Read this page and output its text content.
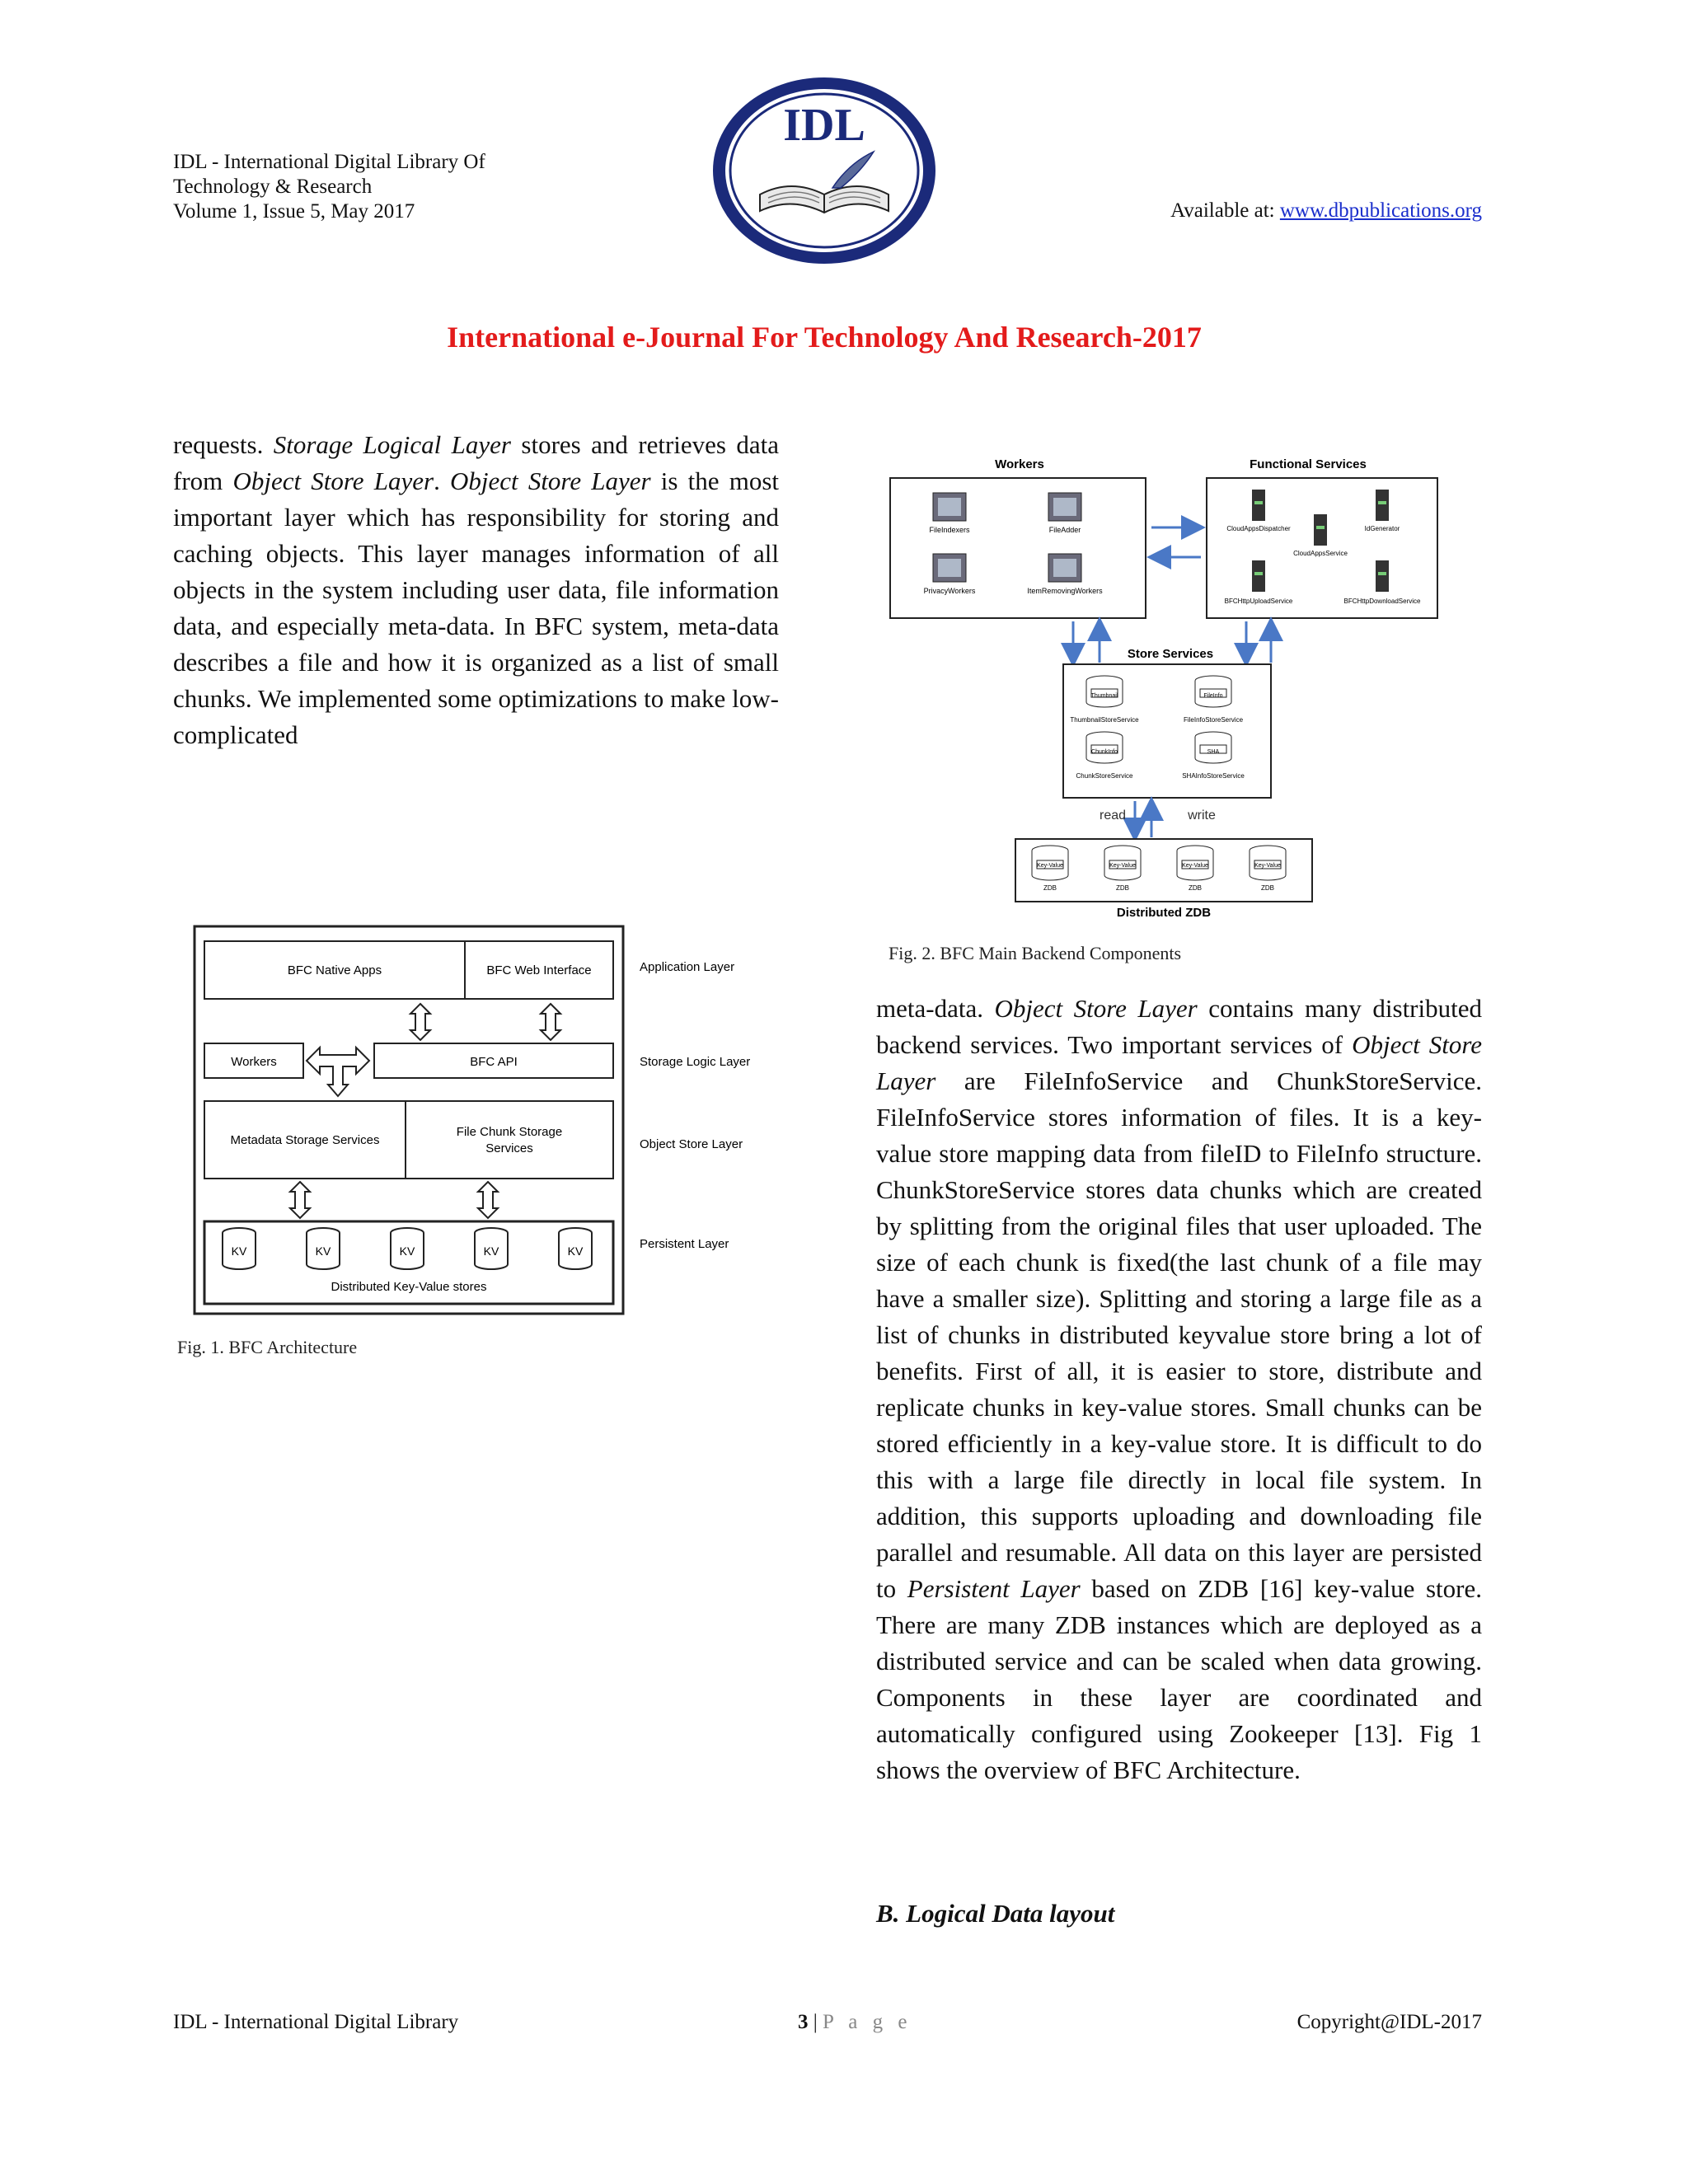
IDL - International Digital Library Of
Technology & Research
Volume 1, Issue 5, May 2017
IDL
Available at: www.dbpublications.org
International e-Journal For Technology And Research-2017

requests. Storage Logical Layer stores and retrieves data from Object Store Layer. Object Store Layer is the most important layer which has responsibility for storing and caching objects. This layer manages information of all objects in the system including user data, file information data, and especially meta-data. In BFC system, meta-data describes a file and how it is organized as a list of small chunks. We implemented some optimizations to make low-complicated

Workers
FileIndexers	FileAdder
PrivacyWorkers	ItemRemovingWorkers
Functional Services
CloudAppsDispatcher	IdGenerator
CloudAppsService
BFCHttpUploadService	BFCHttpDownloadService
Store Services
Thumbnail	FileInfo
ChunkInfo	SHA
ThumbnailStoreService	FileInfoStoreService
ChunkStoreService	SHAInfoStoreService
read	write
Key-Value	Key-Value	Key-Value	Key-Value
ZDB	ZDB	ZDB	ZDB
Distributed ZDB
Fig. 2. BFC Main Backend Components
BFC Native Apps	BFC Web Interface
Workers	BFC API
Metadata Storage Services
File Chunk Storage
Services
KV	KV	KV	KV	KV
Distributed Key-Value stores
Application Layer
Storage Logic Layer
Object Store Layer
Persistent Layer
Fig. 1. BFC Architecture

meta-data. Object Store Layer contains many distributed backend services. Two important services of Object Store Layer are FileInfoService and ChunkStoreService. FileInfoService stores information of files. It is a key-value store mapping data from fileID to FileInfo structure. ChunkStoreService stores data chunks which are created by splitting from the original files that user uploaded. The size of each chunk is fixed(the last chunk of a file may have a smaller size). Splitting and storing a large file as a list of chunks in distributed keyvalue store bring a lot of benefits. First of all, it is easier to store, distribute and replicate chunks in key-value stores. Small chunks can be stored efficiently in a key-value store. It is difficult to do this with a large file directly in local file system. In addition, this supports uploading and downloading file parallel and resumable. All data on this layer are persisted to Persistent Layer based on ZDB [16] key-value store. There are many ZDB instances which are deployed as a distributed service and can be scaled when data growing. Components in these layer are coordinated and automatically configured using Zookeeper [13]. Fig 1 shows the overview of BFC Architecture.

B. Logical Data layout
IDL - International Digital Library	3 | P a g e	Copyright@IDL-2017
